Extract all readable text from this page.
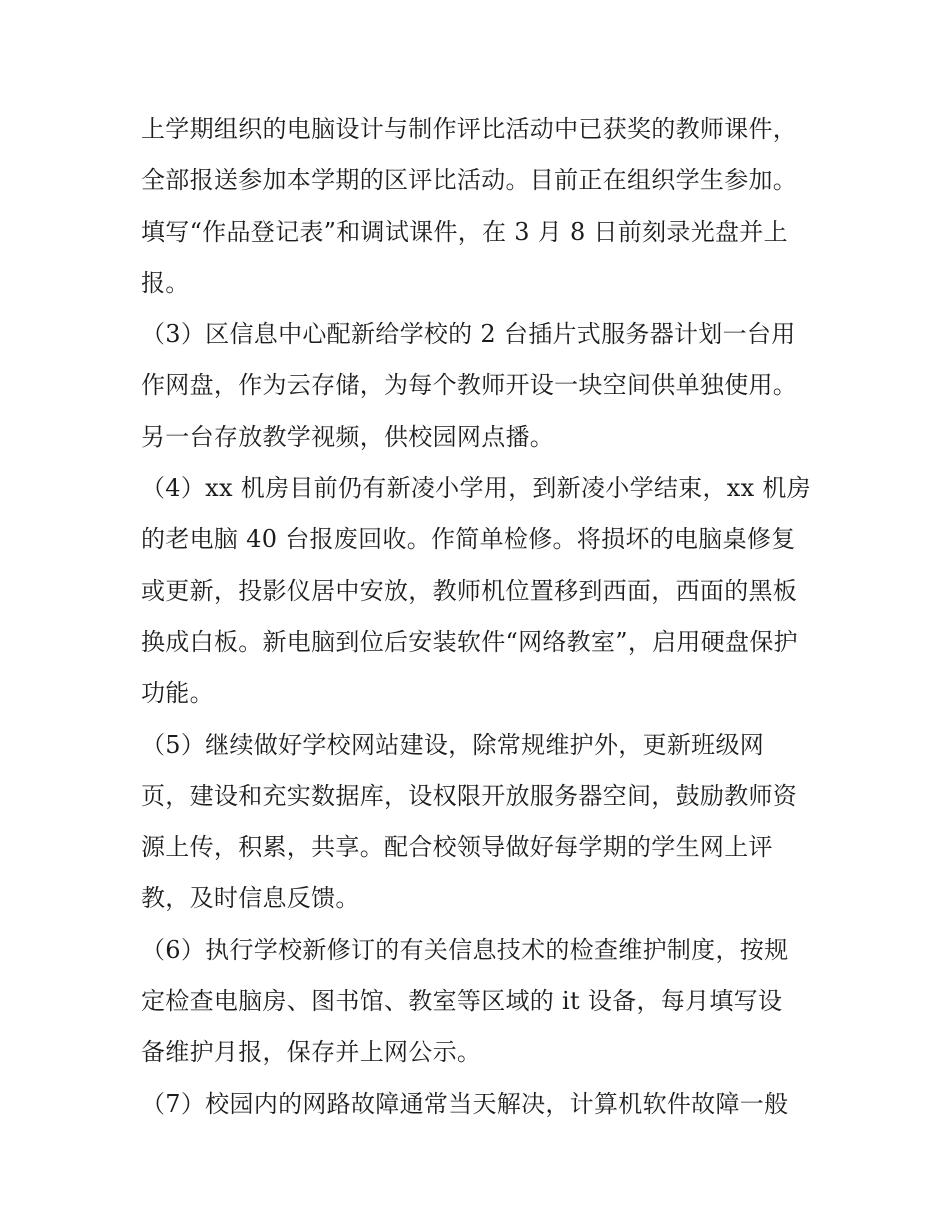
上学期组织的电脑设计与制作评比活动中已获奖的教师课件，
全部报送参加本学期的区评比活动。目前正在组织学生参加。
填写“作品登记表”和调试课件，在 3 月 8 日前刻录光盘并上
报。
（3）区信息中心配新给学校的 2 台插片式服务器计划一台用
作网盘，作为云存储，为每个教师开设一块空间供单独使用。
另一台存放教学视频，供校园网点播。
（4）xx 机房目前仍有新凌小学用，到新凌小学结束，xx 机房
的老电脑 40 台报废回收。作简单检修。将损坏的电脑桌修复
或更新，投影仪居中安放，教师机位置移到西面，西面的黑板
换成白板。新电脑到位后安装软件“网络教室”，启用硬盘保护
功能。
（5）继续做好学校网站建设，除常规维护外，更新班级网
页，建设和充实数据库，设权限开放服务器空间，鼓励教师资
源上传，积累，共享。配合校领导做好每学期的学生网上评
教，及时信息反馈。
（6）执行学校新修订的有关信息技术的检查维护制度，按规
定检查电脑房、图书馆、教室等区域的 it 设备，每月填写设
备维护月报，保存并上网公示。
（7）校园内的网路故障通常当天解决，计算机软件故障一般
